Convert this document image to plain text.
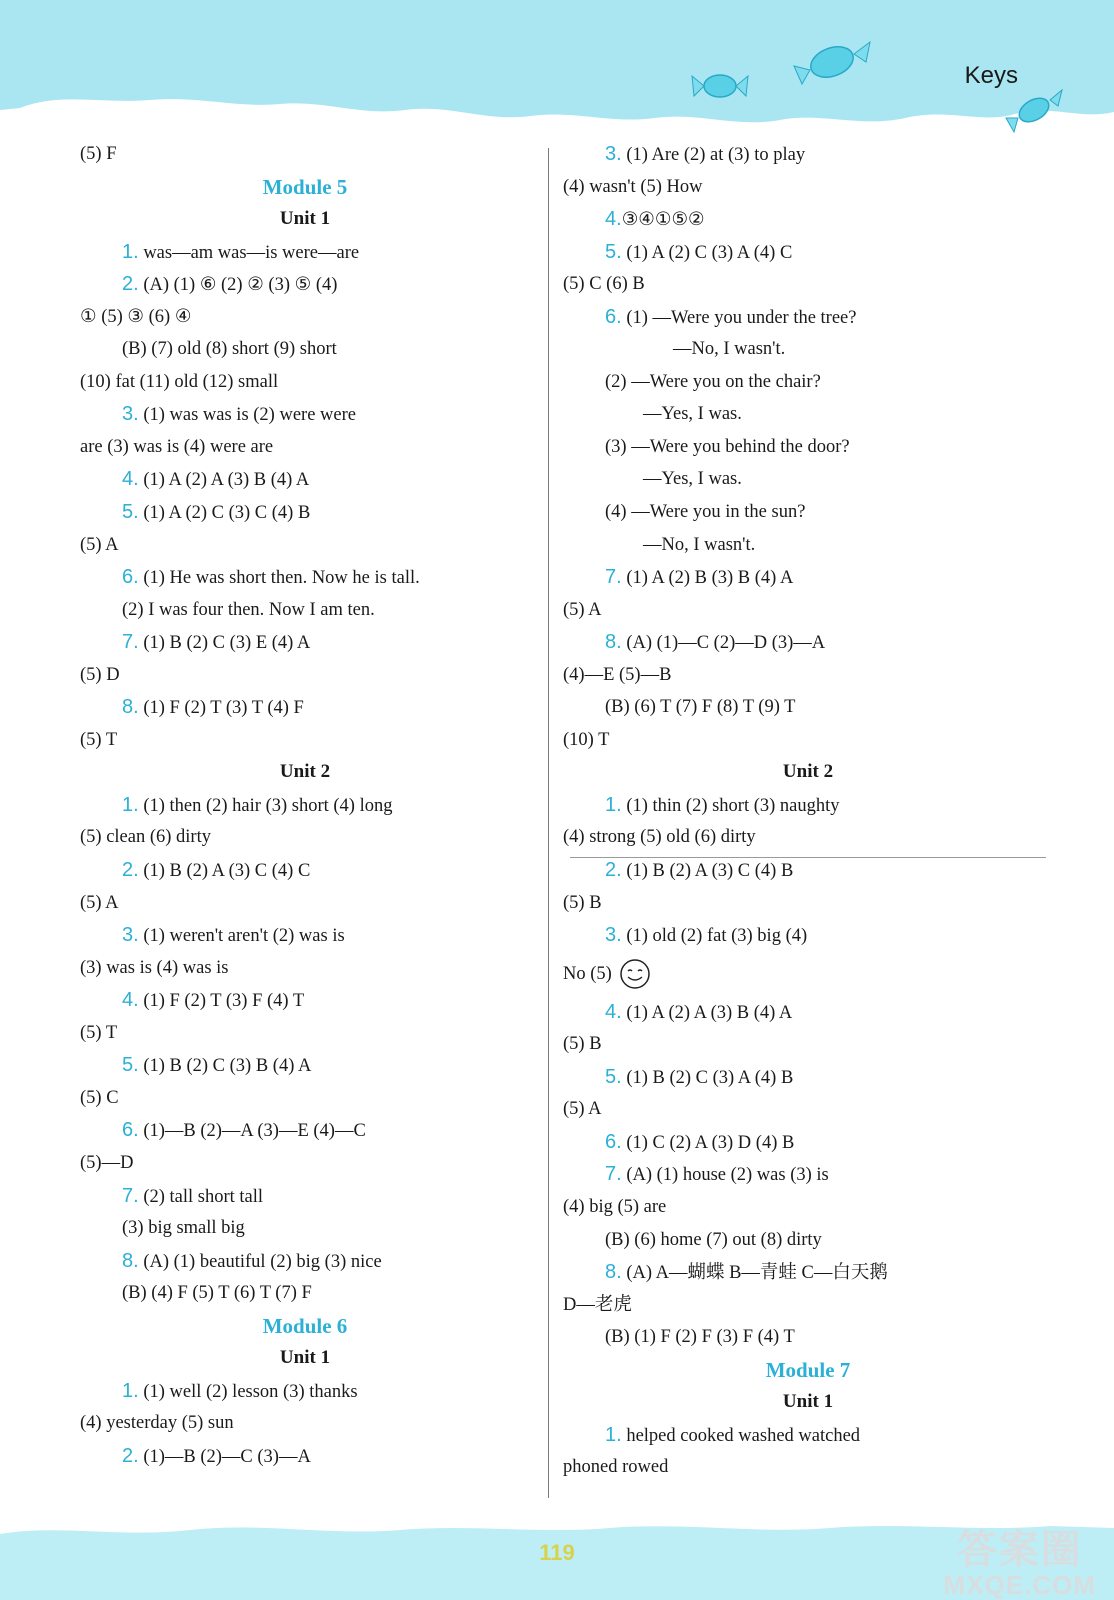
Keys
119	答案圈
MXQE.COM
(5) F
Module 5
Unit 1
1. was—am was—is were—are
2. (A) (1) ⑥ (2) ② (3) ⑤ (4)
① (5) ③ (6) ④
(B) (7) old (8) short (9) short
(10) fat (11) old (12) small
3. (1) was was is (2) were were
are (3) was is (4) were are
4. (1) A (2) A (3) B (4) A
5. (1) A (2) C (3) C (4) B
(5) A
6. (1) He was short then. Now he is tall.
(2) I was four then. Now I am ten.
7. (1) B (2) C (3) E (4) A
(5) D
8. (1) F (2) T (3) T (4) F
(5) T
Unit 2
1. (1) then (2) hair (3) short (4) long
(5) clean (6) dirty
2. (1) B (2) A (3) C (4) C
(5) A
3. (1) weren't aren't (2) was is
(3) was is (4) was is
4. (1) F (2) T (3) F (4) T
(5) T
5. (1) B (2) C (3) B (4) A
(5) C
6. (1)—B (2)—A (3)—E (4)—C
(5)—D
7. (2) tall short tall
(3) big small big
8. (A) (1) beautiful (2) big (3) nice
(B) (4) F (5) T (6) T (7) F
Module 6
Unit 1
1. (1) well (2) lesson (3) thanks
(4) yesterday (5) sun
2. (1)—B (2)—C (3)—A
3. (1) Are (2) at (3) to play
(4) wasn't (5) How
4.③④①⑤②
5. (1) A (2) C (3) A (4) C
(5) C (6) B
6. (1) —Were you under the tree?
—No, I wasn't.
(2) —Were you on the chair?
—Yes, I was.
(3) —Were you behind the door?
—Yes, I was.
(4) —Were you in the sun?
—No, I wasn't.
7. (1) A (2) B (3) B (4) A
(5) A
8. (A) (1)—C (2)—D (3)—A
(4)—E (5)—B
(B) (6) T (7) F (8) T (9) T
(10) T
Unit 2
1. (1) thin (2) short (3) naughty
(4) strong (5) old (6) dirty
2. (1) B (2) A (3) C (4) B
(5) B
3. (1) old (2) fat (3) big (4)
No (5)
4. (1) A (2) A (3) B (4) A
(5) B
5. (1) B (2) C (3) A (4) B
(5) A
6. (1) C (2) A (3) D (4) B
7. (A) (1) house (2) was (3) is
(4) big (5) are
(B) (6) home (7) out (8) dirty
8. (A) A—蝴蝶 B—青蛙 C—白天鹅
D—老虎
(B) (1) F (2) F (3) F (4) T
Module 7
Unit 1
1. helped cooked washed watched
phoned rowed
